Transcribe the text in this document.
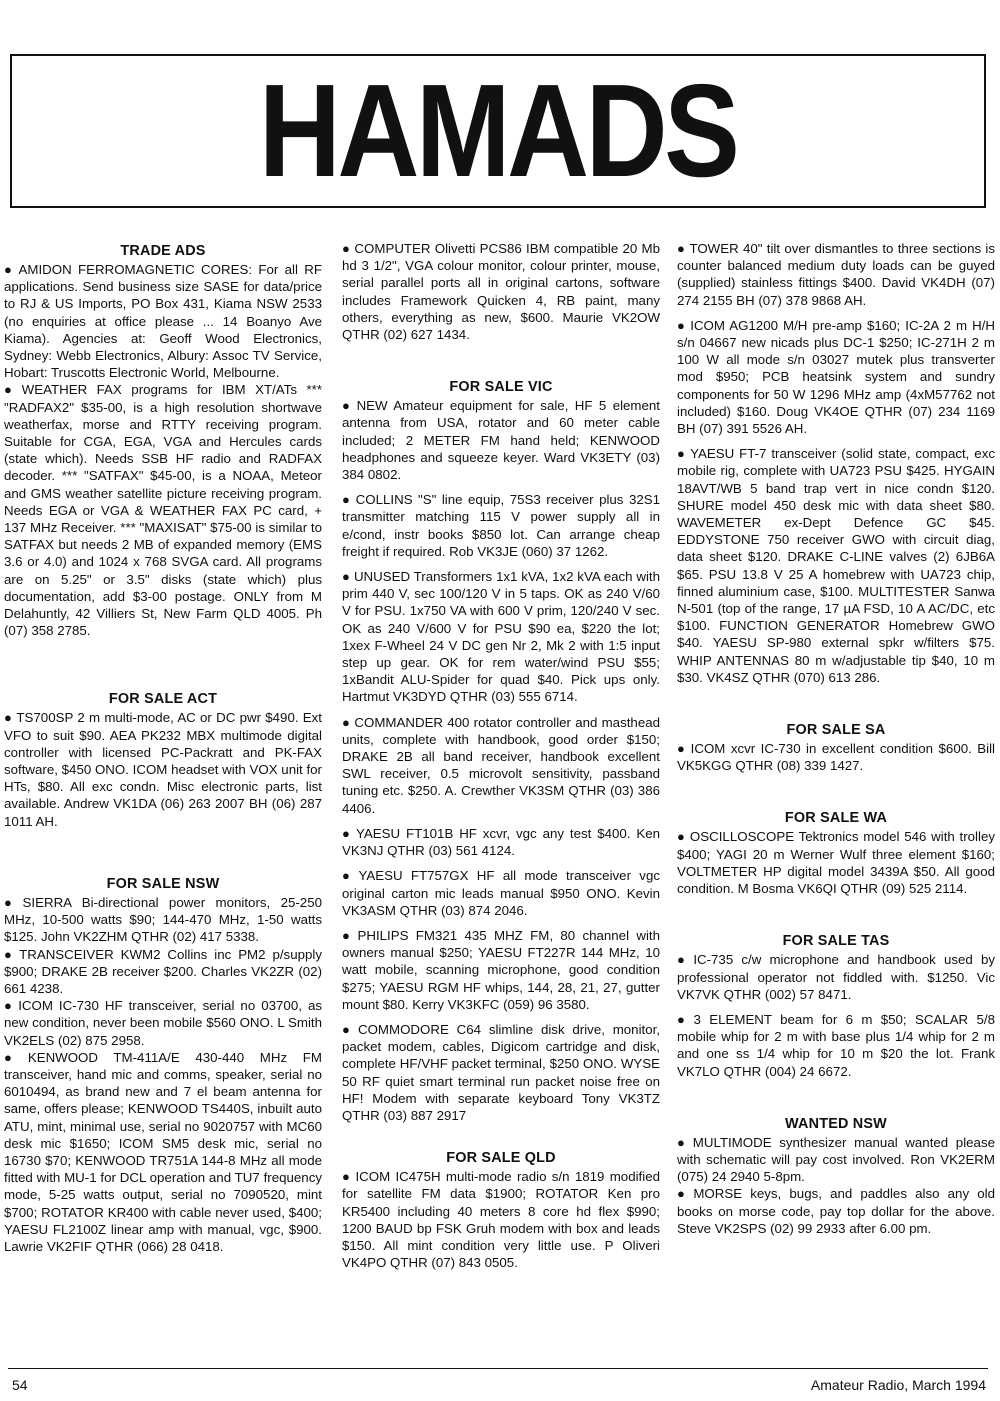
HAMADS
TRADE ADS

● AMIDON FERROMAGNETIC CORES: For all RF applications. Send business size SASE for data/price to RJ & US Imports, PO Box 431, Kiama NSW 2533 (no enquiries at office please ... 14 Boanyo Ave Kiama). Agencies at: Geoff Wood Electronics, Sydney: Webb Electronics, Albury: Assoc TV Service, Hobart: Truscotts Electronic World, Melbourne.

● WEATHER FAX programs for IBM XT/ATs *** "RADFAX2" $35-00, is a high resolution shortwave weatherfax, morse and RTTY receiving program. Suitable for CGA, EGA, VGA and Hercules cards (state which). Needs SSB HF radio and RADFAX decoder. *** "SATFAX" $45-00, is a NOAA, Meteor and GMS weather satellite picture receiving program. Needs EGA or VGA & WEATHER FAX PC card, + 137 MHz Receiver. *** "MAXISAT" $75-00 is similar to SATFAX but needs 2 MB of expanded memory (EMS 3.6 or 4.0) and 1024 x 768 SVGA card. All programs are on 5.25" or 3.5" disks (state which) plus documentation, add $3-00 postage. ONLY from M Delahuntly, 42 Villiers St, New Farm QLD 4005. Ph (07) 358 2785.

FOR SALE ACT

● TS700SP 2 m multi-mode, AC or DC pwr $490. Ext VFO to suit $90. AEA PK232 MBX multimode digital controller with licensed PC-Packratt and PK-FAX software, $450 ONO. ICOM headset with VOX unit for HTs, $80. All exc condn. Misc electronic parts, list available. Andrew VK1DA (06) 263 2007 BH (06) 287 1011 AH.

FOR SALE NSW

● SIERRA Bi-directional power monitors, 25-250 MHz, 10-500 watts $90; 144-470 MHz, 1-50 watts $125. John VK2ZHM QTHR (02) 417 5338.

● TRANSCEIVER KWM2 Collins inc PM2 p/supply $900; DRAKE 2B receiver $200. Charles VK2ZR (02) 661 4238.

● ICOM IC-730 HF transceiver, serial no 03700, as new condition, never been mobile $560 ONO. L Smith VK2ELS (02) 875 2958.

● KENWOOD TM-411A/E 430-440 MHz FM transceiver, hand mic and comms, speaker, serial no 6010494, as brand new and 7 el beam antenna for same, offers please; KENWOOD TS440S, inbuilt auto ATU, mint, minimal use, serial no 9020757 with MC60 desk mic $1650; ICOM SM5 desk mic, serial no 16730 $70; KENWOOD TR751A 144-8 MHz all mode fitted with MU-1 for DCL operation and TU7 frequency mode, 5-25 watts output, serial no 7090520, mint $700; ROTATOR KR400 with cable never used, $400; YAESU FL2100Z linear amp with manual, vgc, $900. Lawrie VK2FIF QTHR (066) 28 0418.

● COMPUTER Olivetti PCS86 IBM compatible 20 Mb hd 3 1/2", VGA colour monitor, colour printer, mouse, serial parallel ports all in original cartons, software includes Framework Quicken 4, RB paint, many others, everything as new, $600. Maurie VK2OW QTHR (02) 627 1434.

FOR SALE VIC

● NEW Amateur equipment for sale, HF 5 element antenna from USA, rotator and 60 meter cable included; 2 METER FM hand held; KENWOOD headphones and squeeze keyer. Ward VK3ETY (03) 384 0802.

● COLLINS "S" line equip, 75S3 receiver plus 32S1 transmitter matching 115 V power supply all in e/cond, instr books $850 lot. Can arrange cheap freight if required. Rob VK3JE (060) 37 1262.

● UNUSED Transformers 1x1 kVA, 1x2 kVA each with prim 440 V, sec 100/120 V in 5 taps. OK as 240 V/60 V for PSU. 1x750 VA with 600 V prim, 120/240 V sec. OK as 240 V/600 V for PSU $90 ea, $220 the lot; 1xex F-Wheel 24 V DC gen Nr 2, Mk 2 with 1:5 input step up gear. OK for rem water/wind PSU $55; 1xBandit ALU-Spider for quad $40. Pick ups only. Hartmut VK3DYD QTHR (03) 555 6714.

● COMMANDER 400 rotator controller and masthead units, complete with handbook, good order $150; DRAKE 2B all band receiver, handbook excellent SWL receiver, 0.5 microvolt sensitivity, passband tuning etc. $250. A. Crewther VK3SM QTHR (03) 386 4406.

● YAESU FT101B HF xcvr, vgc any test $400. Ken VK3NJ QTHR (03) 561 4124.

● YAESU FT757GX HF all mode transceiver vgc original carton mic leads manual $950 ONO. Kevin VK3ASM QTHR (03) 874 2046.

● PHILIPS FM321 435 MHZ FM, 80 channel with owners manual $250; YAESU FT227R 144 MHz, 10 watt mobile, scanning microphone, good condition $275; YAESU RGM HF whips, 144, 28, 21, 27, gutter mount $80. Kerry VK3KFC (059) 96 3580.

● COMMODORE C64 slimline disk drive, monitor, packet modem, cables, Digicom cartridge and disk, complete HF/VHF packet terminal, $250 ONO. WYSE 50 RF quiet smart terminal run packet noise free on HF! Modem with separate keyboard Tony VK3TZ QTHR (03) 887 2917

FOR SALE QLD

● ICOM IC475H multi-mode radio s/n 1819 modified for satellite FM data $1900; ROTATOR Ken pro KR5400 including 40 meters 8 core hd flex $990; 1200 BAUD bp FSK Gruh modem with box and leads $150. All mint condition very little use. P Oliveri VK4PO QTHR (07) 843 0505.

● TOWER 40" tilt over dismantles to three sections is counter balanced medium duty loads can be guyed (supplied) stainless fittings $400. David VK4DH (07) 274 2155 BH (07) 378 9868 AH.

● ICOM AG1200 M/H pre-amp $160; IC-2A 2 m H/H s/n 04667 new nicads plus DC-1 $250; IC-271H 2 m 100 W all mode s/n 03027 mutek plus transverter mod $950; PCB heatsink system and sundry components for 50 W 1296 MHz amp (4xM57762 not included) $160. Doug VK4OE QTHR (07) 234 1169 BH (07) 391 5526 AH.

● YAESU FT-7 transceiver (solid state, compact, exc mobile rig, complete with UA723 PSU $425. HYGAIN 18AVT/WB 5 band trap vert in nice condn $120. SHURE model 450 desk mic with data sheet $80. WAVEMETER ex-Dept Defence GC $45. EDDYSTONE 750 receiver GWO with circuit diag, data sheet $120. DRAKE C-LINE valves (2) 6JB6A $65. PSU 13.8 V 25 A homebrew with UA723 chip, finned aluminium case, $100. MULTITESTER Sanwa N-501 (top of the range, 17 µA FSD, 10 A AC/DC, etc $100. FUNCTION GENERATOR Homebrew GWO $40. YAESU SP-980 external spkr w/filters $75. WHIP ANTENNAS 80 m w/adjustable tip $40, 10 m $30. VK4SZ QTHR (070) 613 286.

FOR SALE SA

● ICOM xcvr IC-730 in excellent condition $600. Bill VK5KGG QTHR (08) 339 1427.

FOR SALE WA

● OSCILLOSCOPE Tektronics model 546 with trolley $400; YAGI 20 m Werner Wulf three element $160; VOLTMETER HP digital model 3439A $50. All good condition. M Bosma VK6QI QTHR (09) 525 2114.

FOR SALE TAS

● IC-735 c/w microphone and handbook used by professional operator not fiddled with. $1250. Vic VK7VK QTHR (002) 57 8471.

● 3 ELEMENT beam for 6 m $50; SCALAR 5/8 mobile whip for 2 m with base plus 1/4 whip for 2 m and one ss 1/4 whip for 10 m $20 the lot. Frank VK7LO QTHR (004) 24 6672.

WANTED NSW

● MULTIMODE synthesizer manual wanted please with schematic will pay cost involved. Ron VK2ERM (075) 24 2940 5-8pm.

● MORSE keys, bugs, and paddles also any old books on morse code, pay top dollar for the above. Steve VK2SPS (02) 99 2933 after 6.00 pm.

54	Amateur Radio, March 1994
